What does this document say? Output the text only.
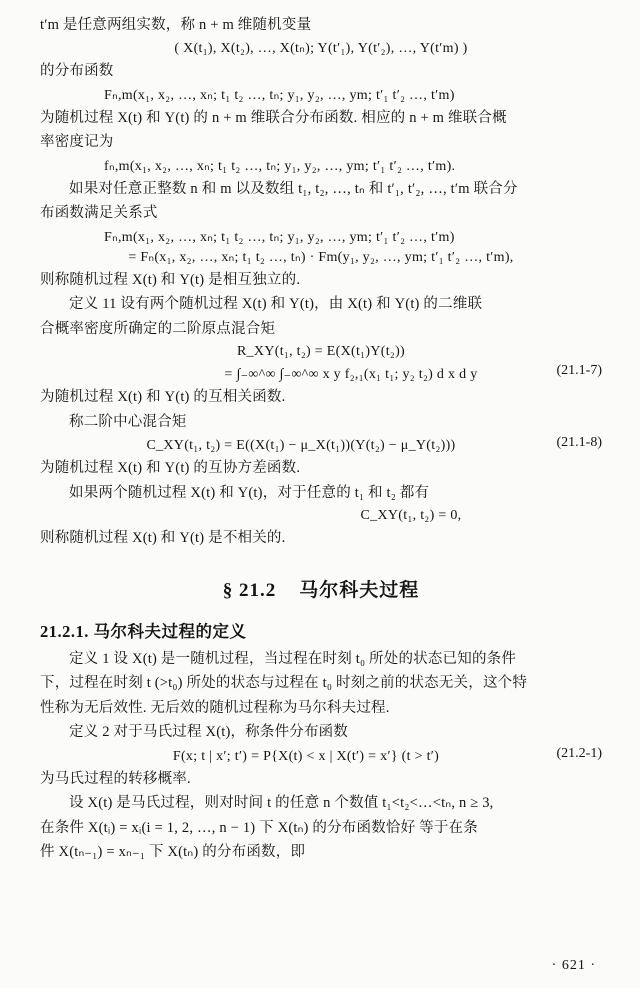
t′m 是任意两组实数，称 n + m 维随机变量

( X(t₁), X(t₂), …, X(tₙ); Y(t′₁), Y(t′₂), …, Y(t′m) )

的分布函数

Fₙ,m(x₁, x₂, …, xₙ; t₁ t₂ …, tₙ; y₁, y₂, …, ym; t′₁ t′₂ …, t′m)

为随机过程 X(t) 和 Y(t) 的 n + m 维联合分布函数. 相应的 n + m 维联合概

率密度记为

fₙ,m(x₁, x₂, …, xₙ; t₁ t₂ …, tₙ; y₁, y₂, …, ym; t′₁ t′₂ …, t′m).

如果对任意正整数 n 和 m 以及数组 t₁, t₂, …, tₙ 和 t′₁, t′₂, …, t′m 联合分

布函数满足关系式

Fₙ,m(x₁, x₂, …, xₙ; t₁ t₂ …, tₙ; y₁, y₂, …, ym; t′₁ t′₂ …, t′m)

= Fₙ(x₁, x₂, …, xₙ; t₁ t₂ …, tₙ) · Fm(y₁, y₂, …, ym; t′₁ t′₂ …, t′m),

则称随机过程 X(t) 和 Y(t) 是相互独立的.

定义 11 设有两个随机过程 X(t) 和 Y(t)，由 X(t) 和 Y(t) 的二维联

合概率密度所确定的二阶原点混合矩

R_XY(t₁, t₂) = E(X(t₁)Y(t₂))

= ∫₋∞^∞ ∫₋∞^∞ x y f₂,₁(x₁ t₁; y₂ t₂) d x d y	(21.1-7)

为随机过程 X(t) 和 Y(t) 的互相关函数.

称二阶中心混合矩

C_XY(t₁, t₂) = E((X(t₁) − μ_X(t₁))(Y(t₂) − μ_Y(t₂)))	(21.1-8)

为随机过程 X(t) 和 Y(t) 的互协方差函数.

如果两个随机过程 X(t) 和 Y(t)，对于任意的 t₁ 和 t₂ 都有

C_XY(t₁, t₂) = 0,

则称随机过程 X(t) 和 Y(t) 是不相关的.

§ 21.2 马尔科夫过程
21.2.1. 马尔科夫过程的定义

定义 1 设 X(t) 是一随机过程，当过程在时刻 t₀ 所处的状态已知的条件

下，过程在时刻 t (>t₀) 所处的状态与过程在 t₀ 时刻之前的状态无关，这个特

性称为无后效性. 无后效的随机过程称为马尔科夫过程.

定义 2 对于马氏过程 X(t)，称条件分布函数

F(x; t | x′; t′) = P{X(t) < x | X(t′) = x′} (t > t′)	(21.2-1)

为马氏过程的转移概率.

设 X(t) 是马氏过程，则对时间 t 的任意 n 个数值 t₁<t₂<…<tₙ, n ≥ 3,

在条件 X(tᵢ) = xᵢ(i = 1, 2, …, n − 1) 下 X(tₙ) 的分布函数恰好 等于在条

件 X(tₙ₋₁) = xₙ₋₁ 下 X(tₙ) 的分布函数，即

· 621 ·
